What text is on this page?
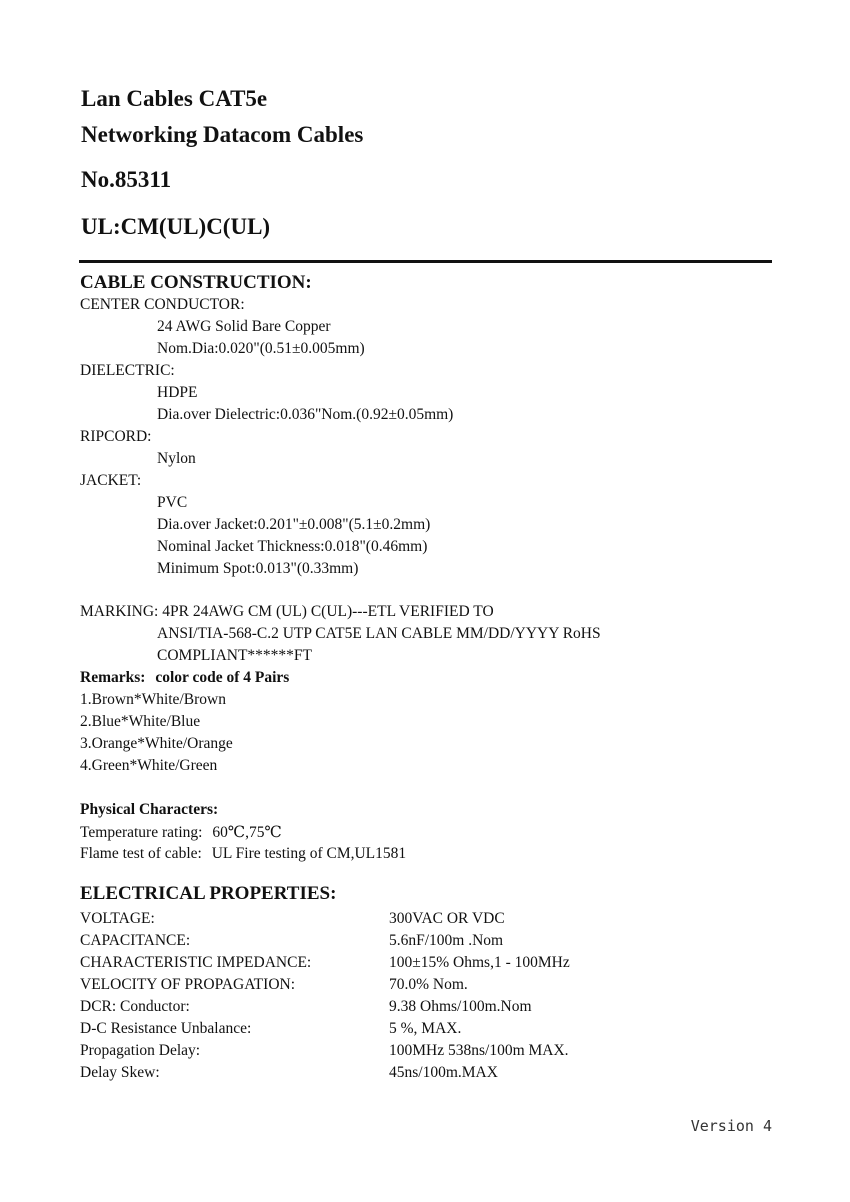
Lan Cables CAT5e
Networking Datacom Cables
No.85311
UL:CM(UL)C(UL)
CABLE CONSTRUCTION:
CENTER CONDUCTOR:
24 AWG Solid Bare Copper
Nom.Dia:0.020"(0.51±0.005mm)
DIELECTRIC:
HDPE
Dia.over Dielectric:0.036"Nom.(0.92±0.05mm)
RIPCORD:
Nylon
JACKET:
PVC
Dia.over Jacket:0.201"±0.008"(5.1±0.2mm)
Nominal Jacket Thickness:0.018"(0.46mm)
Minimum Spot:0.013"(0.33mm)
MARKING: 4PR 24AWG CM (UL) C(UL)---ETL VERIFIED TO
ANSI/TIA-568-C.2 UTP CAT5E LAN CABLE MM/DD/YYYY RoHS
COMPLIANT******FT
Remarks: color code of 4 Pairs
1.Brown*White/Brown
2.Blue*White/Blue
3.Orange*White/Orange
4.Green*White/Green
Physical Characters:
Temperature rating: 60℃,75℃
Flame test of cable: UL Fire testing of CM,UL1581
ELECTRICAL PROPERTIES:
VOLTAGE:	300VAC OR VDC
CAPACITANCE:	5.6nF/100m .Nom
CHARACTERISTIC IMPEDANCE:	100±15% Ohms,1 - 100MHz
VELOCITY OF PROPAGATION:	70.0% Nom.
DCR: Conductor:	9.38 Ohms/100m.Nom
D-C Resistance Unbalance:	5 %, MAX.
Propagation Delay:	100MHz 538ns/100m MAX.
Delay Skew:	45ns/100m.MAX
Version 4
